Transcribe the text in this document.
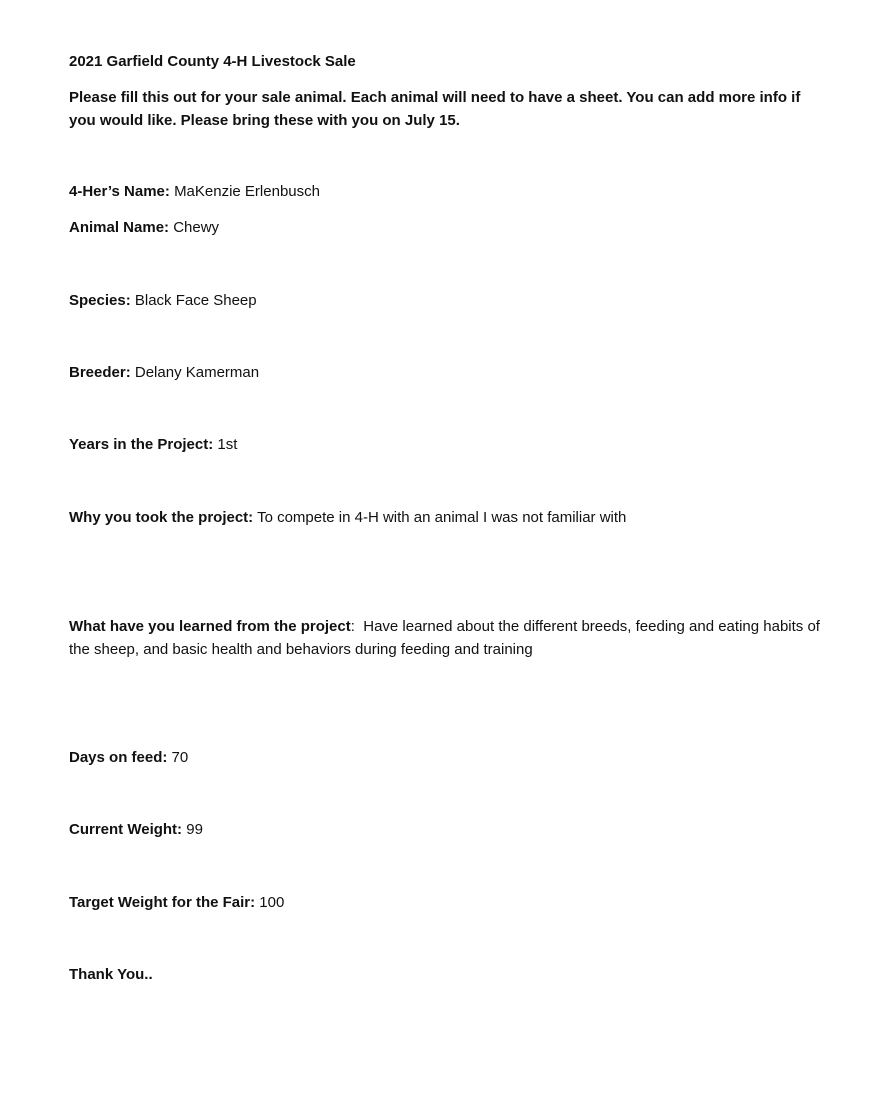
2021 Garfield County 4-H Livestock Sale
Please fill this out for your sale animal. Each animal will need to have a sheet. You can add more info if you would like. Please bring these with you on July 15.
4-Her’s Name: MaKenzie Erlenbusch
Animal Name: Chewy
Species: Black Face Sheep
Breeder: Delany Kamerman
Years in the Project: 1st
Why you took the project: To compete in 4-H with an animal I was not familiar with
What have you learned from the project: Have learned about the different breeds, feeding and eating habits of the sheep, and basic health and behaviors during feeding and training
Days on feed: 70
Current Weight: 99
Target Weight for the Fair: 100
Thank You..
